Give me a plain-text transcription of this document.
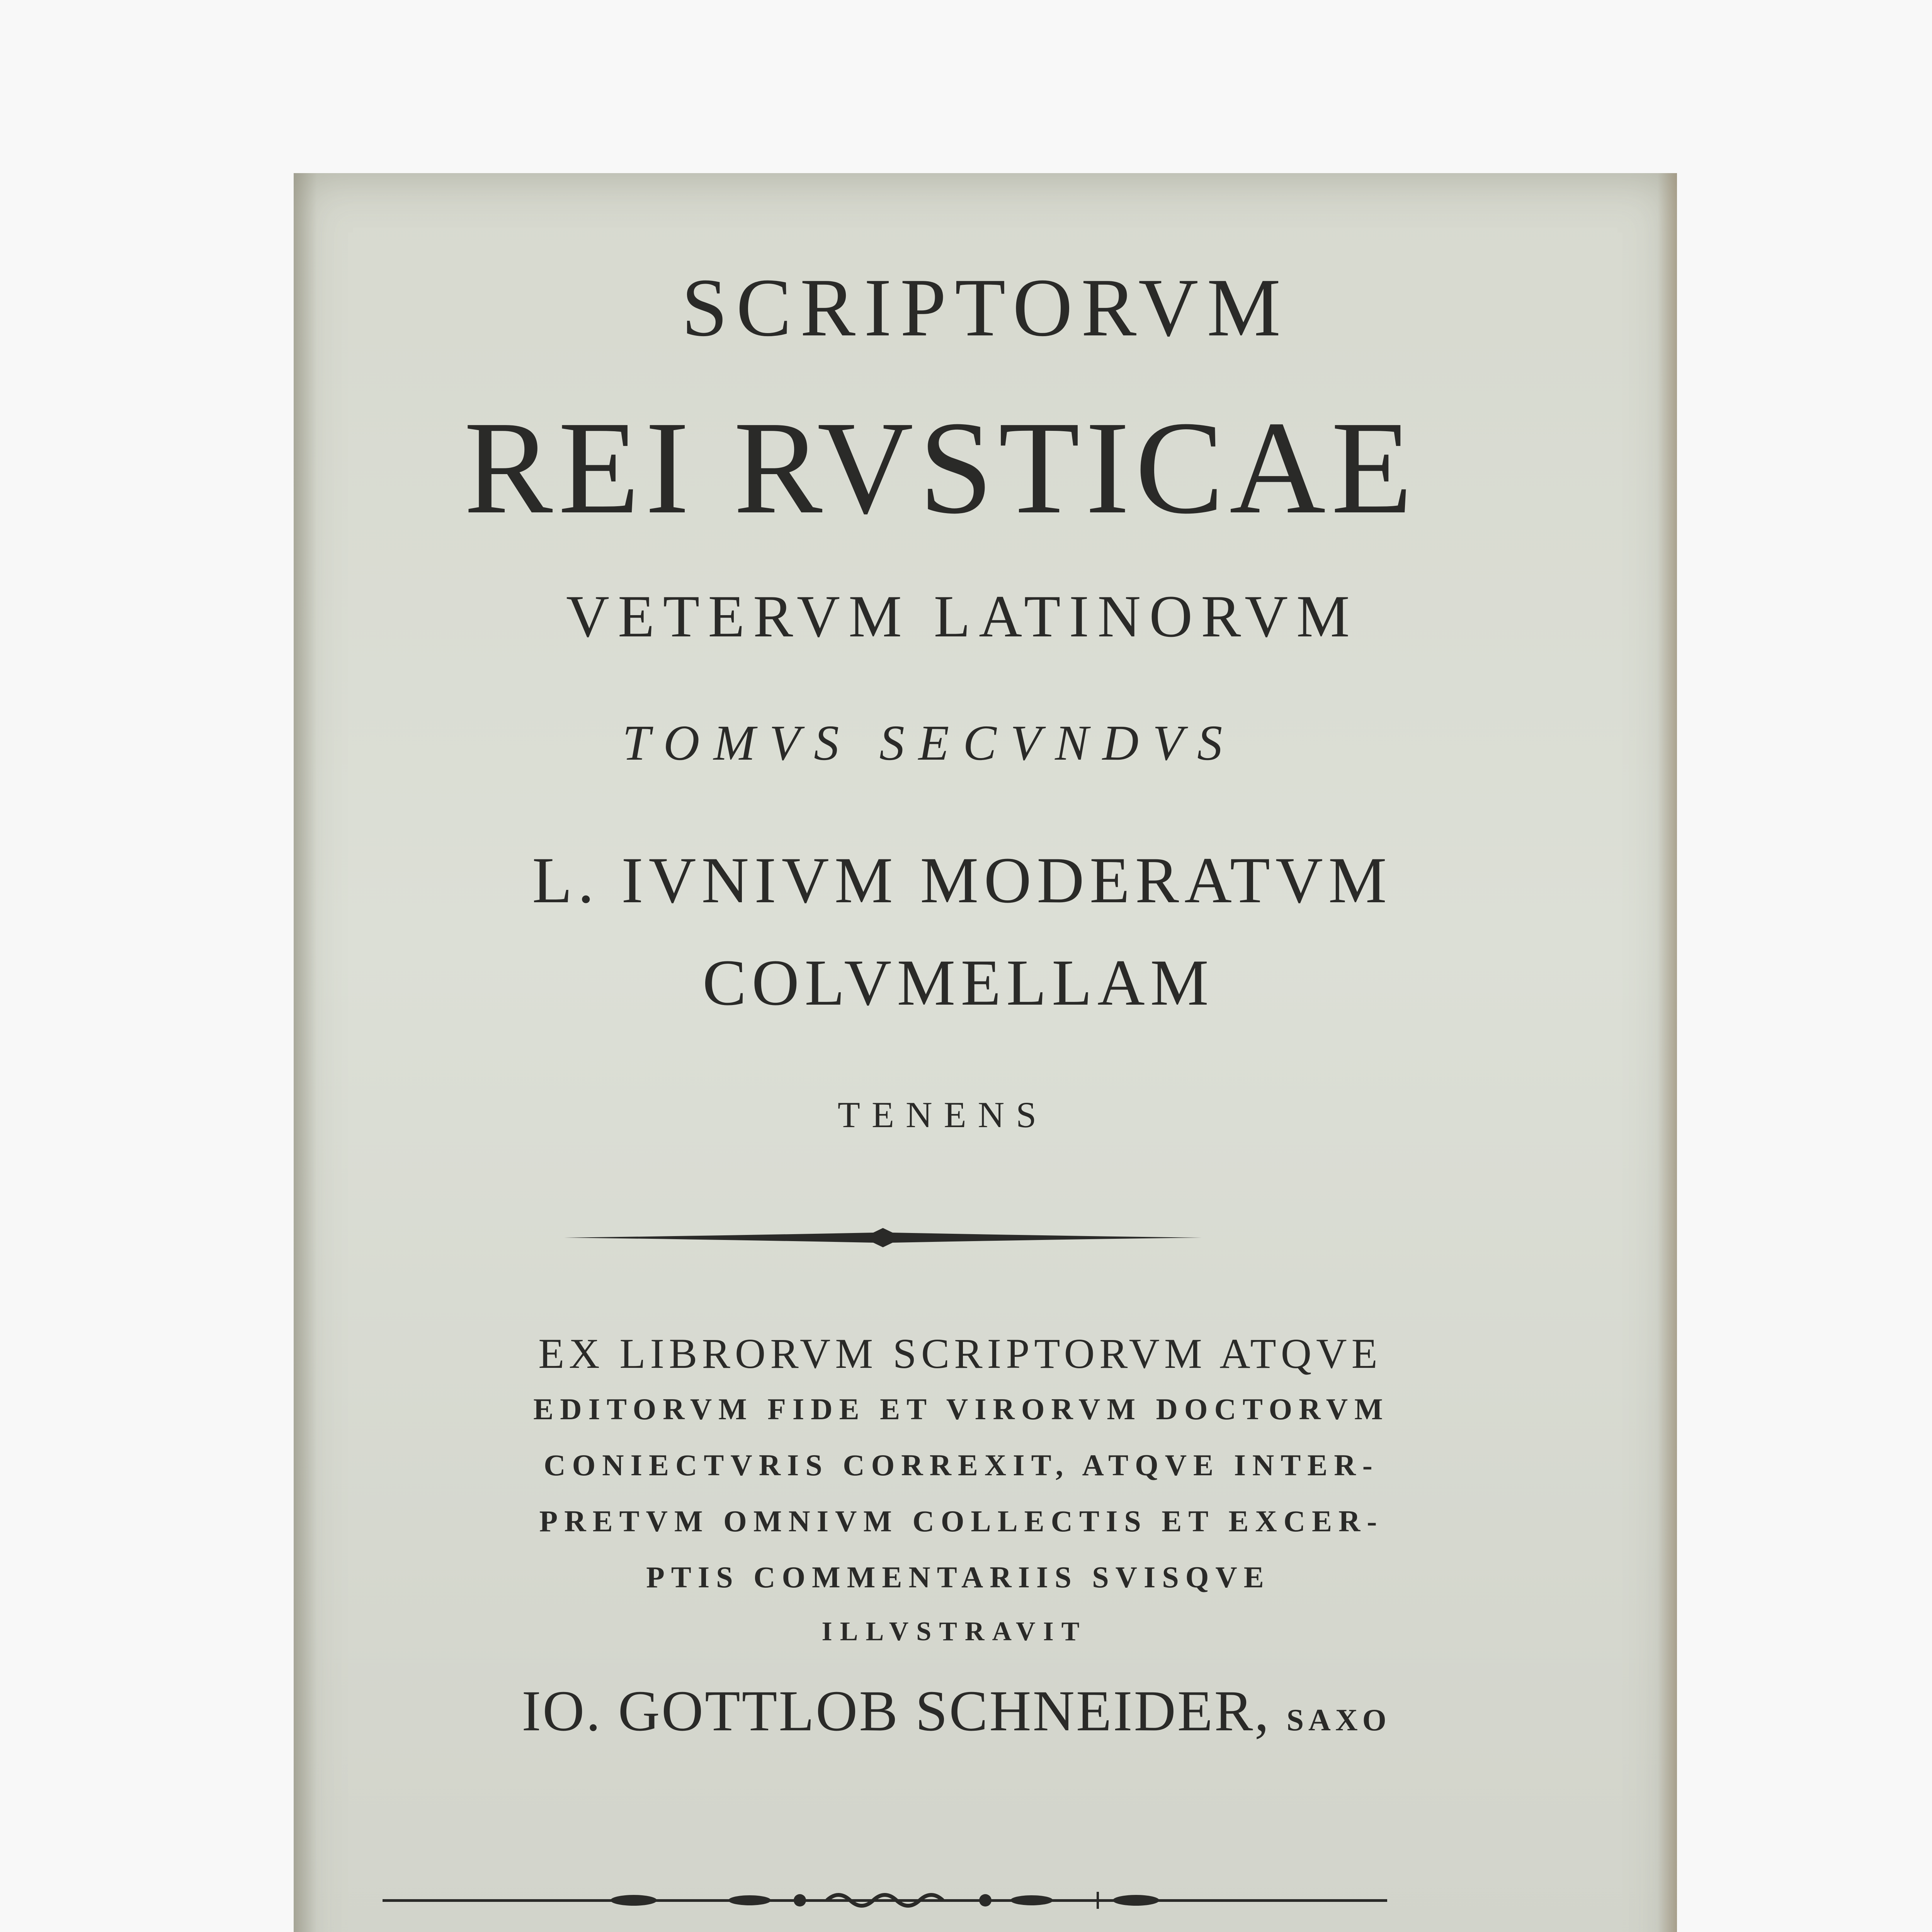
SCRIPTORVM

REI RVSTICAE

VETERVM LATINORVM

TOMVS SECVNDVS

L. IVNIVM MODERATVM

COLVMELLAM

TENENS

EX LIBRORVM SCRIPTORVM ATQVE

EDITORVM FIDE ET VIRORVM DOCTORVM

CONIECTVRIS CORREXIT, ATQVE INTER-

PRETVM OMNIVM COLLECTIS ET EXCER-

PTIS COMMENTARIIS SVISQVE

ILLVSTRAVIT

IO. GOTTLOB SCHNEIDER, SAXO
